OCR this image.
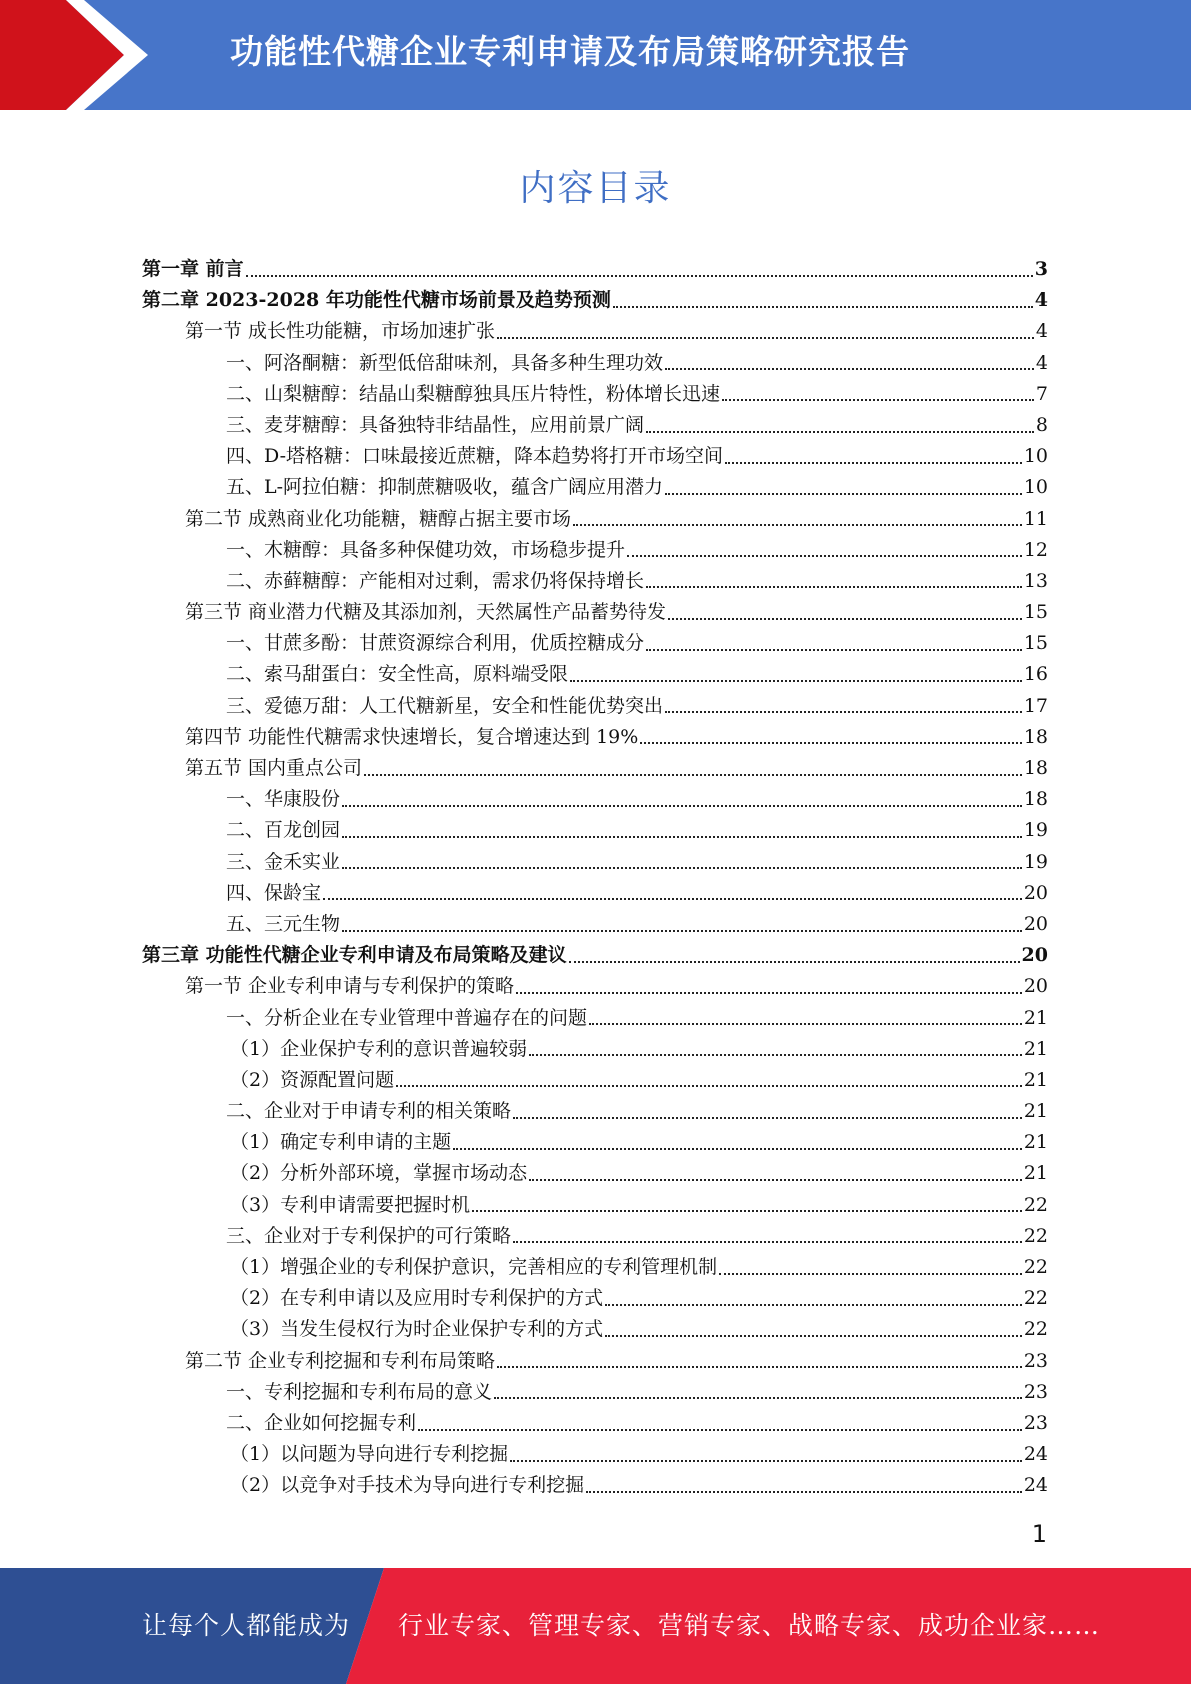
功能性代糖企业专利申请及布局策略研究报告
内容目录
第一章 前言	3
第二章 2023-2028 年功能性代糖市场前景及趋势预测	4
第一节 成长性功能糖，市场加速扩张	4
一、阿洛酮糖：新型低倍甜味剂，具备多种生理功效	4
二、山梨糖醇：结晶山梨糖醇独具压片特性，粉体增长迅速	7
三、麦芽糖醇：具备独特非结晶性，应用前景广阔	8
四、D-塔格糖：口味最接近蔗糖，降本趋势将打开市场空间	10
五、L-阿拉伯糖：抑制蔗糖吸收，蕴含广阔应用潜力	10
第二节 成熟商业化功能糖，糖醇占据主要市场	11
一、木糖醇：具备多种保健功效，市场稳步提升	12
二、赤藓糖醇：产能相对过剩，需求仍将保持增长	13
第三节 商业潜力代糖及其添加剂，天然属性产品蓄势待发	15
一、甘蔗多酚：甘蔗资源综合利用，优质控糖成分	15
二、索马甜蛋白：安全性高，原料端受限	16
三、爱德万甜：人工代糖新星，安全和性能优势突出	17
第四节 功能性代糖需求快速增长，复合增速达到 19%	18
第五节 国内重点公司	18
一、华康股份	18
二、百龙创园	19
三、金禾实业	19
四、保龄宝	20
五、三元生物	20
第三章 功能性代糖企业专利申请及布局策略及建议	20
第一节 企业专利申请与专利保护的策略	20
一、分析企业在专业管理中普遍存在的问题	21
（1）企业保护专利的意识普遍较弱	21
（2）资源配置问题	21
二、企业对于申请专利的相关策略	21
（1）确定专利申请的主题	21
（2）分析外部环境，掌握市场动态	21
（3）专利申请需要把握时机	22
三、企业对于专利保护的可行策略	22
（1）增强企业的专利保护意识，完善相应的专利管理机制	22
（2）在专利申请以及应用时专利保护的方式	22
（3）当发生侵权行为时企业保护专利的方式	22
第二节 企业专利挖掘和专利布局策略	23
一、专利挖掘和专利布局的意义	23
二、企业如何挖掘专利	23
（1）以问题为导向进行专利挖掘	24
（2）以竞争对手技术为导向进行专利挖掘	24
1
让每个人都能成为 行业专家、管理专家、营销专家、战略专家、成功企业家……
